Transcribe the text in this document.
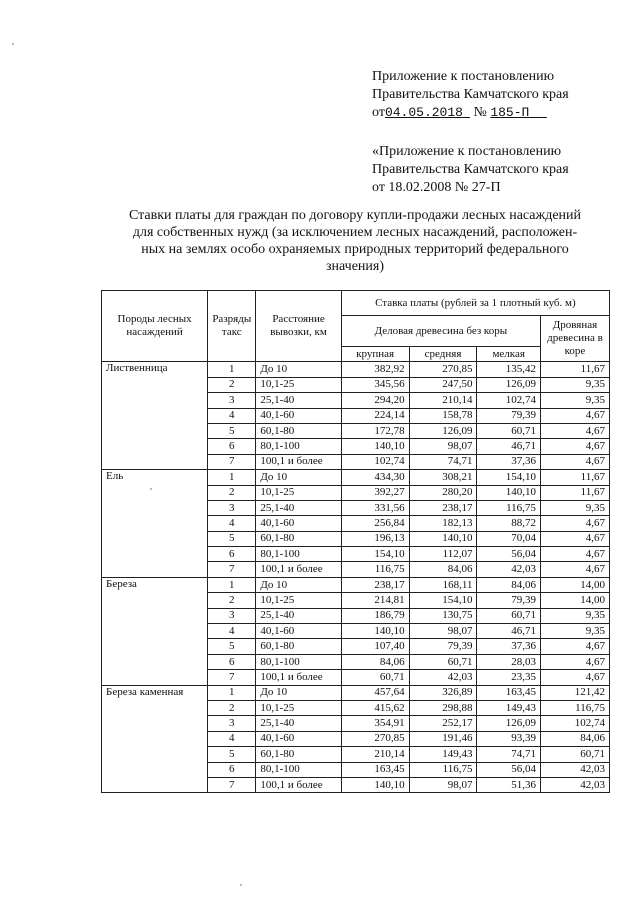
Приложение к постановлению
Правительства Камчатского края
от04.05.2018 № 185-П
«Приложение к постановлению
Правительства Камчатского края
от 18.02.2008 № 27-П
Ставки платы для граждан по договору купли-продажи лесных насаждений
для собственных нужд (за исключением лесных насаждений, расположен-
ных на землях особо охраняемых природных территорий федерального
значения)
Породы лесных насаждений	Разряды такс	Расстояние вывозки, км	Ставка платы (рублей за 1 плотный куб. м)			
			Деловая древесина без коры			Дровяная древесина в коре
			крупная	средняя	мелкая	
Лиственница	1	До 10	382,92	270,85	135,42	11,67
	2	10,1-25	345,56	247,50	126,09	9,35
	3	25,1-40	294,20	210,14	102,74	9,35
	4	40,1-60	224,14	158,78	79,39	4,67
	5	60,1-80	172,78	126,09	60,71	4,67
	6	80,1-100	140,10	98,07	46,71	4,67
	7	100,1 и более	102,74	74,71	37,36	4,67
Ель	1	До 10	434,30	308,21	154,10	11,67
	2	10,1-25	392,27	280,20	140,10	11,67
	3	25,1-40	331,56	238,17	116,75	9,35
	4	40,1-60	256,84	182,13	88,72	4,67
	5	60,1-80	196,13	140,10	70,04	4,67
	6	80,1-100	154,10	112,07	56,04	4,67
	7	100,1 и более	116,75	84,06	42,03	4,67
Береза	1	До 10	238,17	168,11	84,06	14,00
	2	10,1-25	214,81	154,10	79,39	14,00
	3	25,1-40	186,79	130,75	60,71	9,35
	4	40,1-60	140,10	98,07	46,71	9,35
	5	60,1-80	107,40	79,39	37,36	4,67
	6	80,1-100	84,06	60,71	28,03	4,67
	7	100,1 и более	60,71	42,03	23,35	4,67
Береза каменная	1	До 10	457,64	326,89	163,45	121,42
	2	10,1-25	415,62	298,88	149,43	116,75
	3	25,1-40	354,91	252,17	126,09	102,74
	4	40,1-60	270,85	191,46	93,39	84,06
	5	60,1-80	210,14	149,43	74,71	60,71
	6	80,1-100	163,45	116,75	56,04	42,03
	7	100,1 и более	140,10	98,07	51,36	42,03
